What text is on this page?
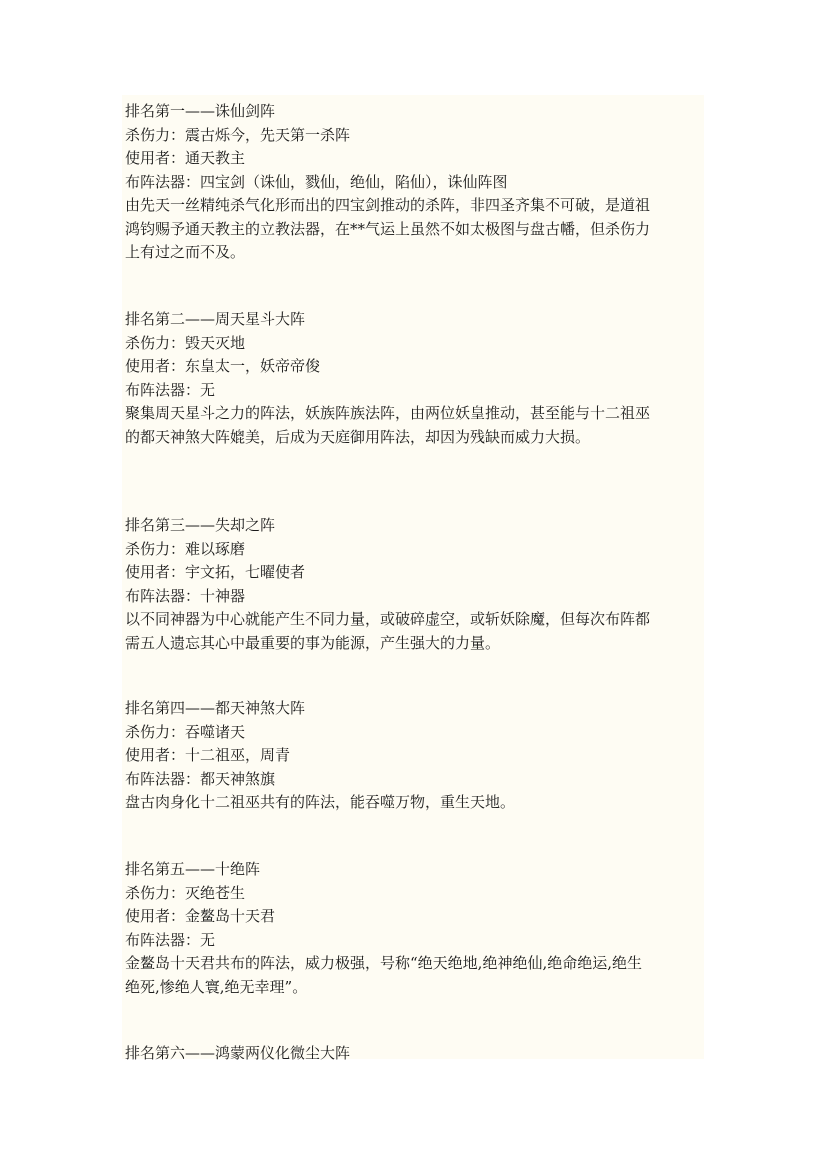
排名第一——诛仙剑阵
杀伤力：震古烁今，先天第一杀阵
使用者：通天教主
布阵法器：四宝剑（诛仙，戮仙，绝仙，陷仙），诛仙阵图
由先天一丝精纯杀气化形而出的四宝剑推动的杀阵，非四圣齐集不可破，是道祖
鸿钧赐予通天教主的立教法器，在**气运上虽然不如太极图与盘古幡，但杀伤力
上有过之而不及。
排名第二——周天星斗大阵
杀伤力：毁天灭地
使用者：东皇太一，妖帝帝俊
布阵法器：无
聚集周天星斗之力的阵法，妖族阵族法阵，由两位妖皇推动，甚至能与十二祖巫
的都天神煞大阵媲美，后成为天庭御用阵法，却因为残缺而威力大损。
排名第三——失却之阵
杀伤力：难以琢磨
使用者：宇文拓，七曜使者
布阵法器：十神器
以不同神器为中心就能产生不同力量，或破碎虚空，或斩妖除魔，但每次布阵都
需五人遗忘其心中最重要的事为能源，产生强大的力量。
排名第四——都天神煞大阵
杀伤力：吞噬诸天
使用者：十二祖巫，周青
布阵法器：都天神煞旗
盘古肉身化十二祖巫共有的阵法，能吞噬万物，重生天地。
排名第五——十绝阵
杀伤力：灭绝苍生
使用者：金鳌岛十天君
布阵法器：无
金鳌岛十天君共布的阵法，威力极强，号称“绝天绝地,绝神绝仙,绝命绝运,绝生
绝死,惨绝人寰,绝无幸理”。
排名第六——鸿蒙两仪化微尘大阵
